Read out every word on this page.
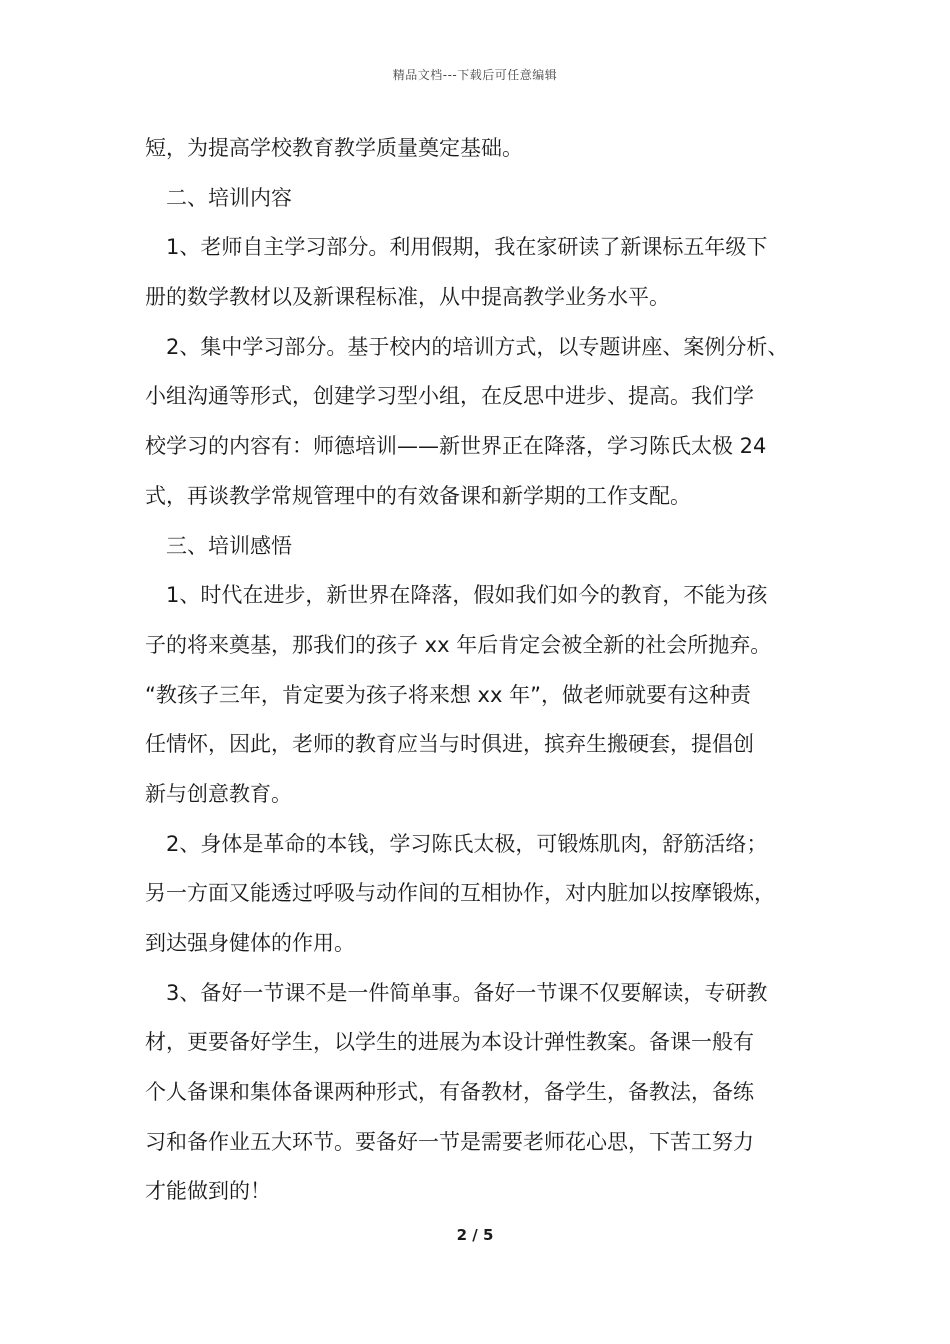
精品文档---下载后可任意编辑

短，为提高学校教育教学质量奠定基础。

二、培训内容

1、老师自主学习部分。利用假期，我在家研读了新课标五年级下
册的数学教材以及新课程标准，从中提高教学业务水平。

2、集中学习部分。基于校内的培训方式，以专题讲座、案例分析、
小组沟通等形式，创建学习型小组，在反思中进步、提高。我们学
校学习的内容有：师德培训——新世界正在降落，学习陈氏太极 24
式，再谈教学常规管理中的有效备课和新学期的工作支配。

三、培训感悟

1、时代在进步，新世界在降落，假如我们如今的教育，不能为孩
子的将来奠基，那我们的孩子 xx 年后肯定会被全新的社会所抛弃。
“教孩子三年，肯定要为孩子将来想 xx 年”，做老师就要有这种责
任情怀，因此，老师的教育应当与时俱进，摈弃生搬硬套，提倡创
新与创意教育。

2、身体是革命的本钱，学习陈氏太极，可锻炼肌肉，舒筋活络；
另一方面又能透过呼吸与动作间的互相协作，对内脏加以按摩锻炼，
到达强身健体的作用。

3、备好一节课不是一件简单事。备好一节课不仅要解读，专研教
材，更要备好学生，以学生的进展为本设计弹性教案。备课一般有
个人备课和集体备课两种形式，有备教材，备学生，备教法，备练
习和备作业五大环节。要备好一节是需要老师花心思，下苦工努力
才能做到的！

2 / 5
